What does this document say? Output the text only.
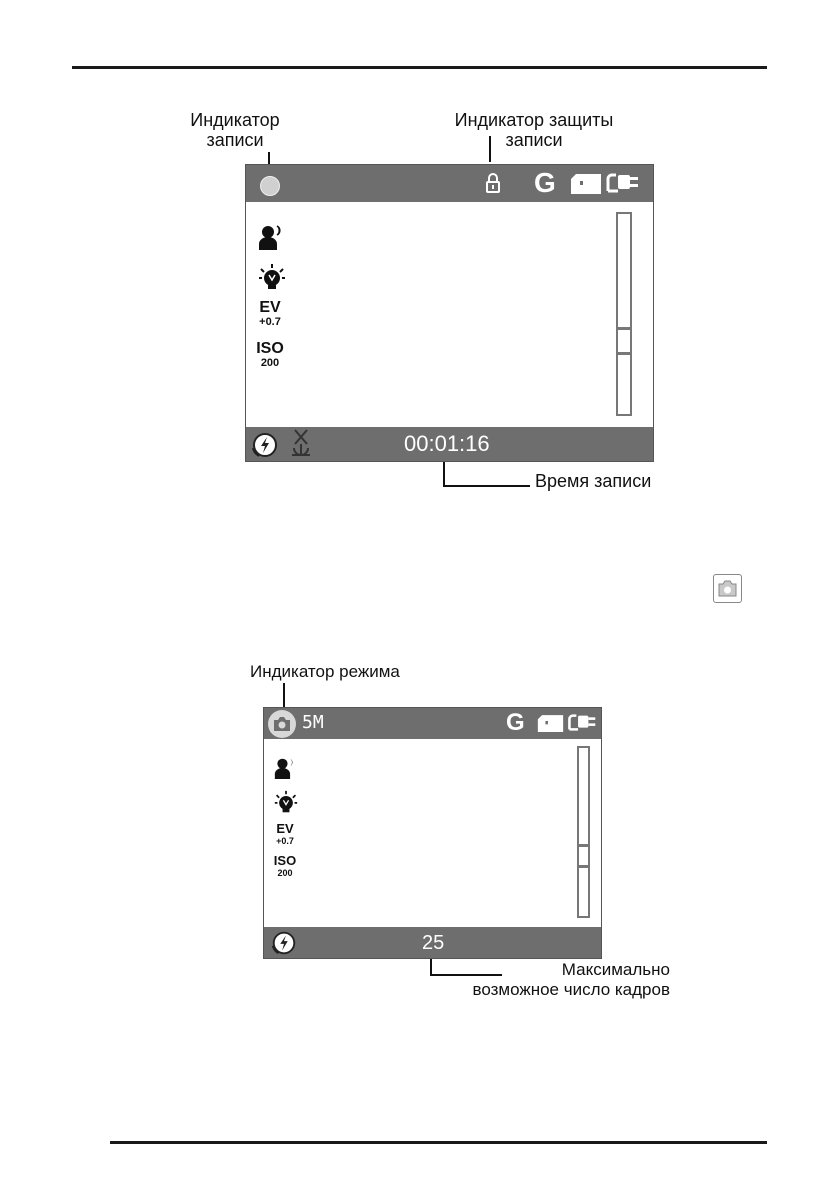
Индикатор
записи
Индикатор защиты
записи
G
EV
+0.7
ISO
200
00:01:16
Время записи
Индикатор режима
5M	G
EV
+0.7
ISO
200
25
Максимально
возможное число кадров
